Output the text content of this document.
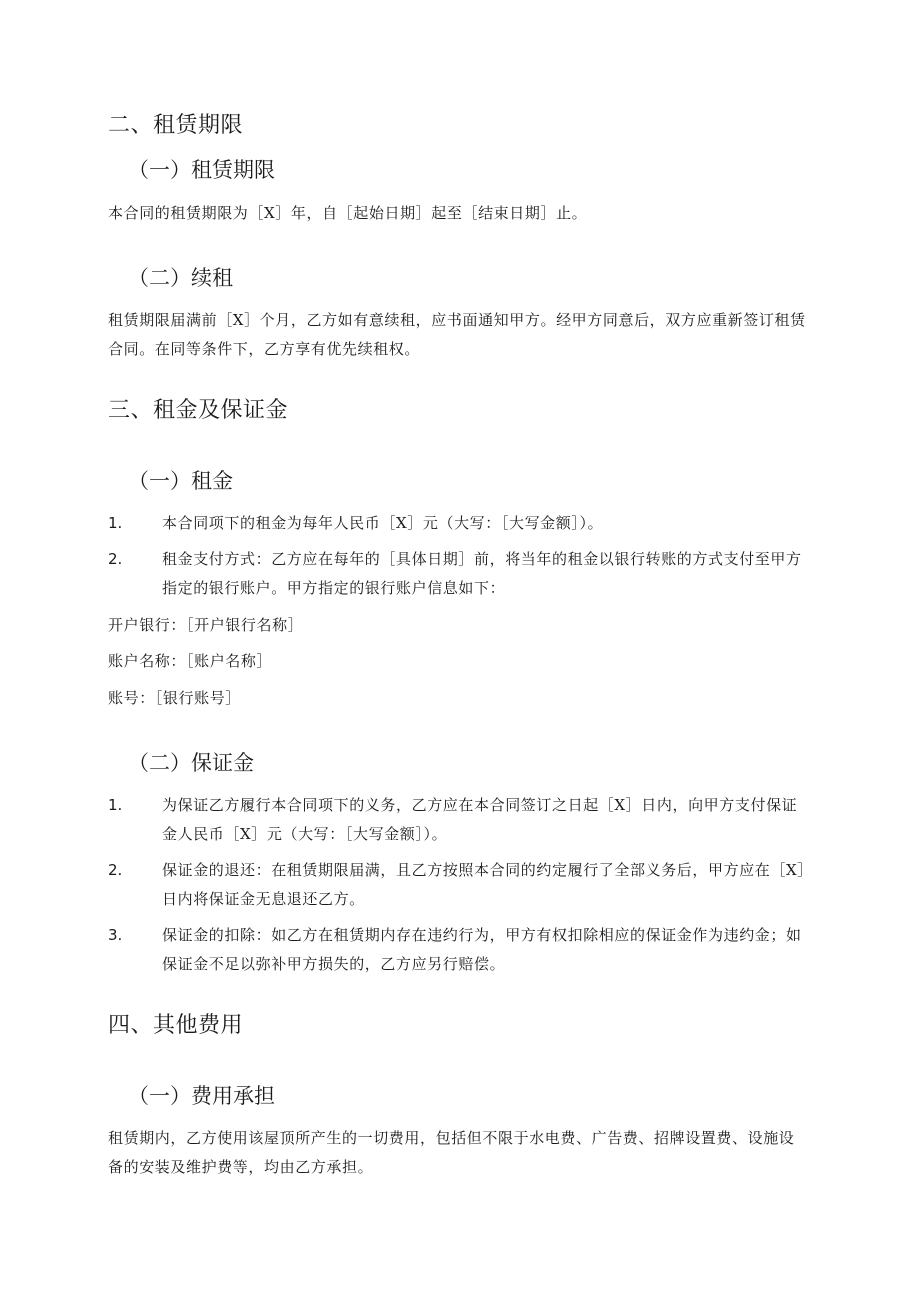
二、租赁期限
（一）租赁期限

本合同的租赁期限为［X］年，自［起始日期］起至［结束日期］止。

（二）续租

租赁期限届满前［X］个月，乙方如有意续租，应书面通知甲方。经甲方同意后，双方应重新签订租赁合同。在同等条件下，乙方享有优先续租权。

三、租金及保证金
（一）租金
1.	本合同项下的租金为每年人民币［X］元（大写：［大写金额］）。
2.	租金支付方式：乙方应在每年的［具体日期］前，将当年的租金以银行转账的方式支付至甲方指定的银行账户。甲方指定的银行账户信息如下：

开户银行：［开户银行名称］

账户名称：［账户名称］

账号：［银行账号］

（二）保证金
1.	为保证乙方履行本合同项下的义务，乙方应在本合同签订之日起［X］日内，向甲方支付保证金人民币［X］元（大写：［大写金额］）。
2.	保证金的退还：在租赁期限届满，且乙方按照本合同的约定履行了全部义务后，甲方应在［X］日内将保证金无息退还乙方。
3.	保证金的扣除：如乙方在租赁期内存在违约行为，甲方有权扣除相应的保证金作为违约金；如保证金不足以弥补甲方损失的，乙方应另行赔偿。
四、其他费用
（一）费用承担

租赁期内，乙方使用该屋顶所产生的一切费用，包括但不限于水电费、广告费、招牌设置费、设施设备的安装及维护费等，均由乙方承担。
